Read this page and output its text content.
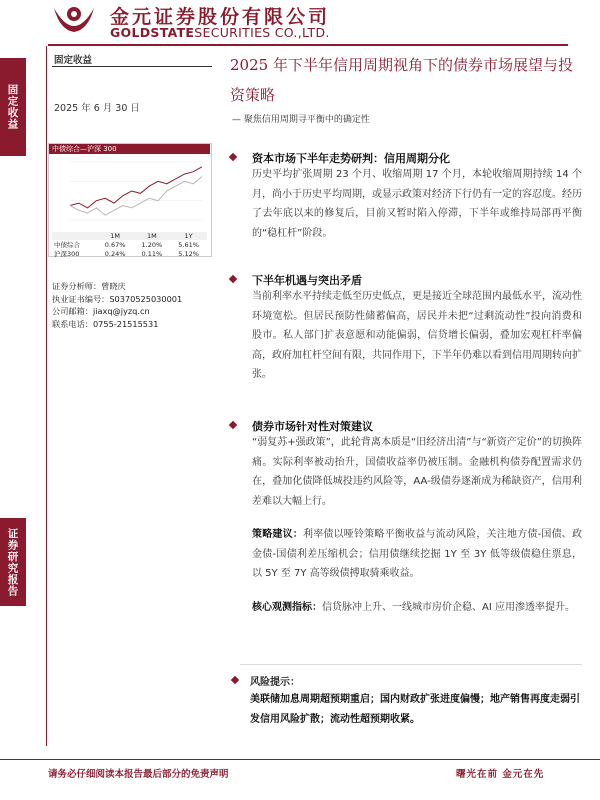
金元证券股份有限公司
GOLDSTATESECURITIES CO.,LTD.
固定收益
证券研究报告
固定收益
2025 年 6 月 30 日
2025 年下半年信用周期视角下的债券市场展望与投资策略
— 聚焦信用周期寻平衡中的确定性
中债综合—沪深 300
	1M	1M	1Y
中债综合	0.67%	1.20%	5.61%
沪深300	0.24%	0.11%	5.12%
证券分析师：曾晓庆
执业证书编号：S0370525030001
公司邮箱：jiaxq@jyzq.cn
联系电话：0755-21515531
资本市场下半年走势研判：信用周期分化
历史平均扩张周期 23 个月、收缩周期 17 个月，本轮收缩周期持续 14 个月，尚小于历史平均周期，或显示政策对经济下行仍有一定的容忍度。经历了去年底以来的修复后，目前又暂时陷入停滞，下半年或维持局部再平衡的“稳杠杆”阶段。
下半年机遇与突出矛盾
当前利率水平持续走低至历史低点，更是接近全球范围内最低水平，流动性环境宽松。但居民预防性储蓄偏高，居民并未把“过剩流动性”投向消费和股市。私人部门扩表意愿和动能偏弱，信贷增长偏弱，叠加宏观杠杆率偏高，政府加杠杆空间有限，共同作用下，下半年仍难以看到信用周期转向扩张。
债券市场针对性对策建议
“弱复苏+强政策”，此轮背离本质是“旧经济出清”与“新资产定价”的切换阵痛。实际利率被动抬升，国债收益率仍被压制。金融机构债券配置需求仍在，叠加化债降低城投违约风险等，AA-级债券逐渐成为稀缺资产，信用利差难以大幅上行。
策略建议：利率债以哑铃策略平衡收益与流动风险，关注地方债-国债、政金债-国债利差压缩机会；信用债继续挖掘 1Y 至 3Y 低等级债稳住票息，以 5Y 至 7Y 高等级债搏取骑乘收益。
核心观测指标：信贷脉冲上升、一线城市房价企稳、AI 应用渗透率提升。
风险提示：
美联储加息周期超预期重启；国内财政扩张进度偏慢；地产销售再度走弱引发信用风险扩散；流动性超预期收紧。
请务必仔细阅读本报告最后部分的免责声明	曙光在前 金元在先
